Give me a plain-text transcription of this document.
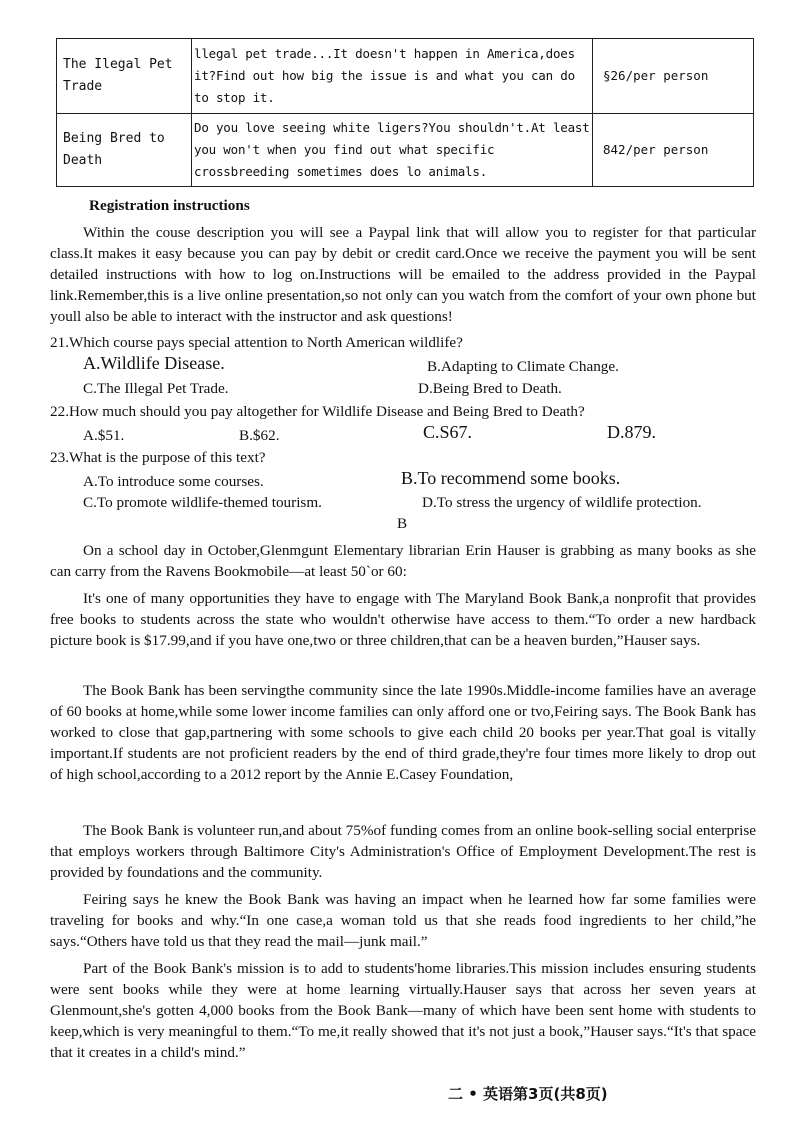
The Ilegal Pet Trade	llegal pet trade...It doesn't happen in America,does it?Find out how big the issue is and what you can do to stop it.	§26/per person
Being Bred to Death	Do you love seeing white ligers?You shouldn't.At least you won't when you find out what specific crossbreeding sometimes does lo animals.	842/per person
Registration instructions
Within the couse description you will see a Paypal link that will allow you to register for that particular class.It makes it easy because you can pay by debit or credit card.Once we receive the payment you will be sent detailed instructions with how to log on.Instructions will be emailed to the address provided in the Paypal link.Remember,this is a live online presentation,so not only can you watch from the comfort of your own phone but youll also be able to interact with the instructor and ask questions!
21.Which course pays special attention to North American wildlife?
A.Wildlife Disease.	B.Adapting to Climate Change.
C.The Illegal Pet Trade.	D.Being Bred to Death.
22.How much should you pay altogether for Wildlife Disease and Being Bred to Death?
A.$51.	B.$62.	C.S67.	D.879.
23.What is the purpose of this text?
A.To introduce some courses.	B.To recommend some books.
C.To promote wildlife-themed tourism.	D.To stress the urgency of wildlife protection.
B
On a school day in October,Glenmgunt Elementary librarian Erin Hauser is grabbing as many books as she can carry from the Ravens Bookmobile—at least 50`or 60:
It's one of many opportunities they have to engage with The Maryland Book Bank,a nonprofit that provides free books to students across the state who wouldn't otherwise have access to them.“To order a new hardback picture book is $17.99,and if you have one,two or three children,that can be a heaven burden,”Hauser says.
The Book Bank has been servingthe community since the late 1990s.Middle-income families have an average of 60 books at home,while some lower income families can only afford one or tvo,Feiring says. The Book Bank has worked to close that gap,partnering with some schools to give each child 20 books per year.That goal is vitally important.If students are not proficient readers by the end of third grade,they're four times more likely to drop out of high school,according to a 2012 report by the Annie E.Casey Foundation,
The Book Bank is volunteer run,and about 75%of funding comes from an online book-selling social enterprise that employs workers through Baltimore City's Administration's Office of Employment Development.The rest is provided by foundations and the community.
Feiring says he knew the Book Bank was having an impact when he learned how far some families were traveling for books and why.“In one case,a woman told us that she reads food ingredients to her child,”he says.“Others have told us that they read the mail—junk mail.”
Part of the Book Bank's mission is to add to students'home libraries.This mission includes ensuring students were sent books while they were at home learning virtually.Hauser says that across her seven years at Glenmount,she's gotten 4,000 books from the Book Bank—many of which have been sent home with students to keep,which is very meaningful to them.“To me,it really showed that it's not just a book,”Hauser says.“It's that space that it creates in a child's mind.”
二 • 英语第3页(共8页)
